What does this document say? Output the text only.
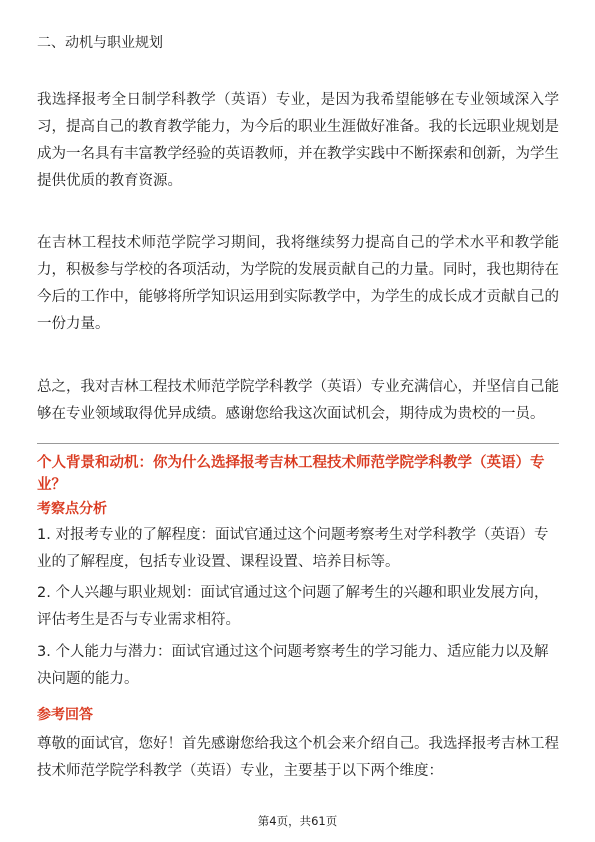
二、动机与职业规划

我选择报考全日制学科教学（英语）专业，是因为我希望能够在专业领域深入学习，提高自己的教育教学能力，为今后的职业生涯做好准备。我的长远职业规划是成为一名具有丰富教学经验的英语教师，并在教学实践中不断探索和创新，为学生提供优质的教育资源。

在吉林工程技术师范学院学习期间，我将继续努力提高自己的学术水平和教学能力，积极参与学校的各项活动，为学院的发展贡献自己的力量。同时，我也期待在今后的工作中，能够将所学知识运用到实际教学中，为学生的成长成才贡献自己的一份力量。

总之，我对吉林工程技术师范学院学科教学（英语）专业充满信心，并坚信自己能够在专业领域取得优异成绩。感谢您给我这次面试机会，期待成为贵校的一员。

个人背景和动机：你为什么选择报考吉林工程技术师范学院学科教学（英语）专业？

考察点分析

1. 对报考专业的了解程度：面试官通过这个问题考察考生对学科教学（英语）专业的了解程度，包括专业设置、课程设置、培养目标等。

2. 个人兴趣与职业规划：面试官通过这个问题了解考生的兴趣和职业发展方向，评估考生是否与专业需求相符。

3. 个人能力与潜力：面试官通过这个问题考察考生的学习能力、适应能力以及解决问题的能力。

参考回答

尊敬的面试官，您好！首先感谢您给我这个机会来介绍自己。我选择报考吉林工程技术师范学院学科教学（英语）专业，主要基于以下两个维度：

第4页，共61页
